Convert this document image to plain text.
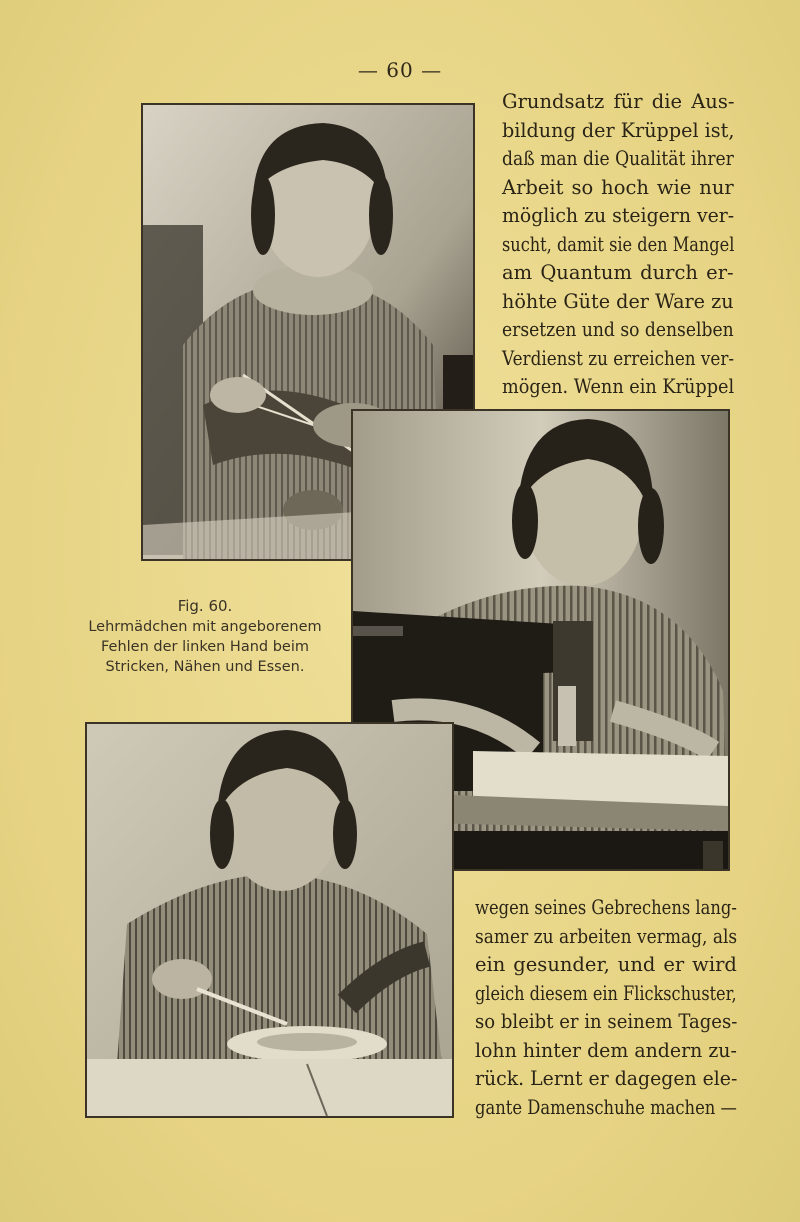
— 60 —
Grundsatz für die Aus-
bildung der Krüppel ist,
daß man die Qualität ihrer
Arbeit so hoch wie nur
möglich zu steigern ver-
sucht, damit sie den Mangel
am Quantum durch er-
höhte Güte der Ware zu
ersetzen und so denselben
Verdienst zu erreichen ver-
mögen. Wenn ein Krüppel
Fig. 60.
Lehrmädchen mit angeborenem
Fehlen der linken Hand beim
Stricken, Nähen und Essen.
wegen seines Gebrechens lang-
samer zu arbeiten vermag, als
ein gesunder, und er wird
gleich diesem ein Flickschuster,
so bleibt er in seinem Tages-
lohn hinter dem andern zu-
rück. Lernt er dagegen ele-
gante Damenschuhe machen —
